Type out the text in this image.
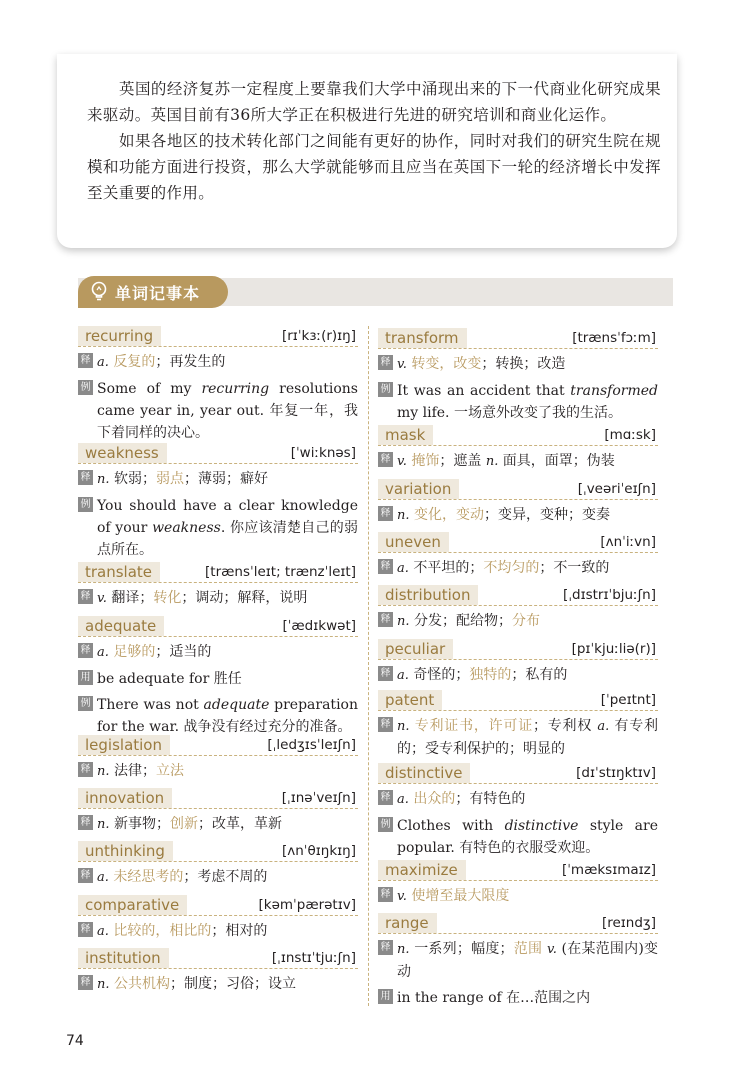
英国的经济复苏一定程度上要靠我们大学中涌现出来的下一代商业化研究成果来驱动。英国目前有36所大学正在积极进行先进的研究培训和商业化运作。

如果各地区的技术转化部门之间能有更好的协作，同时对我们的研究生院在规模和功能方面进行投资，那么大学就能够而且应当在英国下一轮的经济增长中发挥至关重要的作用。

单词记事本
recurring	[rɪˈkɜː(r)ɪŋ]
释 a. 反复的；再发生的
例 Some of my recurring resolutions came year in, year out. 年复一年，我下着同样的决心。
weakness	[ˈwiːknəs]
释 n. 软弱；弱点；薄弱；癖好
例 You should have a clear knowledge of your weakness. 你应该清楚自己的弱点所在。
translate	[trænsˈleɪt; trænzˈleɪt]
释 v. 翻译；转化；调动；解释，说明
adequate	[ˈædɪkwət]
释 a. 足够的；适当的
用 be adequate for 胜任
例 There was not adequate preparation for the war. 战争没有经过充分的准备。
legislation	[ˌledʒɪsˈleɪʃn]
释 n. 法律；立法
innovation	[ˌɪnəˈveɪʃn]
释 n. 新事物；创新；改革，革新
unthinking	[ʌnˈθɪŋkɪŋ]
释 a. 未经思考的；考虑不周的
comparative	[kəmˈpærətɪv]
释 a. 比较的，相比的；相对的
institution	[ˌɪnstɪˈtjuːʃn]
释 n. 公共机构；制度；习俗；设立
transform	[trænsˈfɔːm]
释 v. 转变，改变；转换；改造
例 It was an accident that transformed my life. 一场意外改变了我的生活。
mask	[mɑːsk]
释 v. 掩饰；遮盖 n. 面具，面罩；伪装
variation	[ˌveəriˈeɪʃn]
释 n. 变化，变动；变异，变种；变奏
uneven	[ʌnˈiːvn]
释 a. 不平坦的；不均匀的；不一致的
distribution	[ˌdɪstrɪˈbjuːʃn]
释 n. 分发；配给物；分布
peculiar	[pɪˈkjuːliə(r)]
释 a. 奇怪的；独特的；私有的
patent	[ˈpeɪtnt]
释 n. 专利证书，许可证；专利权 a. 有专利的；受专利保护的；明显的
distinctive	[dɪˈstɪŋktɪv]
释 a. 出众的；有特色的
例 Clothes with distinctive style are popular. 有特色的衣服受欢迎。
maximize	[ˈmæksɪmaɪz]
释 v. 使增至最大限度
range	[reɪndʒ]
释 n. 一系列；幅度；范围 v. (在某范围内)变动
用 in the range of 在…范围之内
74
